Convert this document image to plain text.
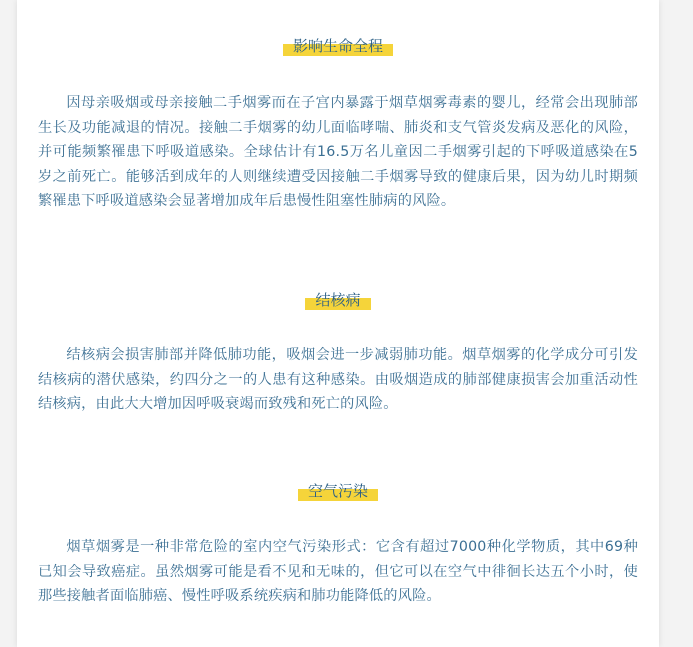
影响生命全程

因母亲吸烟或母亲接触二手烟雾而在子宫内暴露于烟草烟雾毒素的婴儿，经常会出现肺部生长及功能减退的情况。接触二手烟雾的幼儿面临哮喘、肺炎和支气管炎发病及恶化的风险，并可能频繁罹患下呼吸道感染。全球估计有16.5万名儿童因二手烟雾引起的下呼吸道感染在5岁之前死亡。能够活到成年的人则继续遭受因接触二手烟雾导致的健康后果，因为幼儿时期频繁罹患下呼吸道感染会显著增加成年后患慢性阻塞性肺病的风险。

结核病

结核病会损害肺部并降低肺功能，吸烟会进一步减弱肺功能。烟草烟雾的化学成分可引发结核病的潜伏感染，约四分之一的人患有这种感染。由吸烟造成的肺部健康损害会加重活动性结核病，由此大大增加因呼吸衰竭而致残和死亡的风险。

空气污染

烟草烟雾是一种非常危险的室内空气污染形式：它含有超过7000种化学物质，其中69种已知会导致癌症。虽然烟雾可能是看不见和无味的，但它可以在空气中徘徊长达五个小时，使那些接触者面临肺癌、慢性呼吸系统疾病和肺功能降低的风险。
